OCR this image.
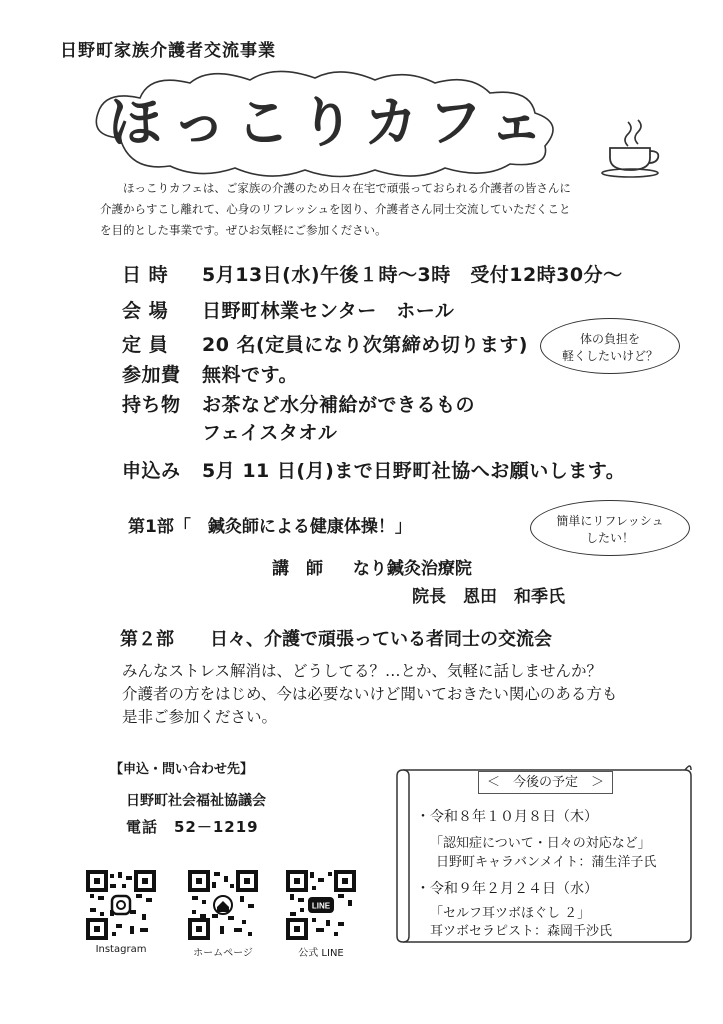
日野町家族介護者交流事業
ほっこりカフェ

ほっこりカフェは、ご家族の介護のため日々在宅で頑張っておられる介護者の皆さんに

介護からすこし離れて、心身のリフレッシュを図り、介護者さん同士交流していただくこと

を目的とした事業です。ぜひお気軽にご参加ください。

日 時 5月13日(水)午後１時～3時　受付12時30分～
会 場 日野町林業センター　ホール
定 員 20 名(定員になり次第締め切ります)
参加費 無料です。
持ち物 お茶など水分補給ができるもの
フェイスタオル
申込み 5月 11 日(月)まで日野町社協へお願いします。
体の負担を
軽くしたいけど？
簡単にリフレッシュ
したい！
第1部「　鍼灸師による健康体操！」
講　師 なり鍼灸治療院
院長　恩田　和季氏
第２部　　日々、介護で頑張っている者同士の交流会

みんなストレス解消は、どうしてる？…とか、気軽に話しませんか？

介護者の方をはじめ、今は必要ないけど聞いておきたい関心のある方も

是非ご参加ください。

【申込・問い合わせ先】
日野町社会福祉協議会
電話　52－1219
Instagram	ホームページ
LINE
公式 LINE
＜　今後の予定　＞
・令和８年１０月８日（木）
「認知症について・日々の対応など」
日野町キャラバンメイト：蒲生洋子氏
・令和９年２月２４日（水）
「セルフ耳ツボほぐし ２」
耳ツボセラピスト：森岡千沙氏
